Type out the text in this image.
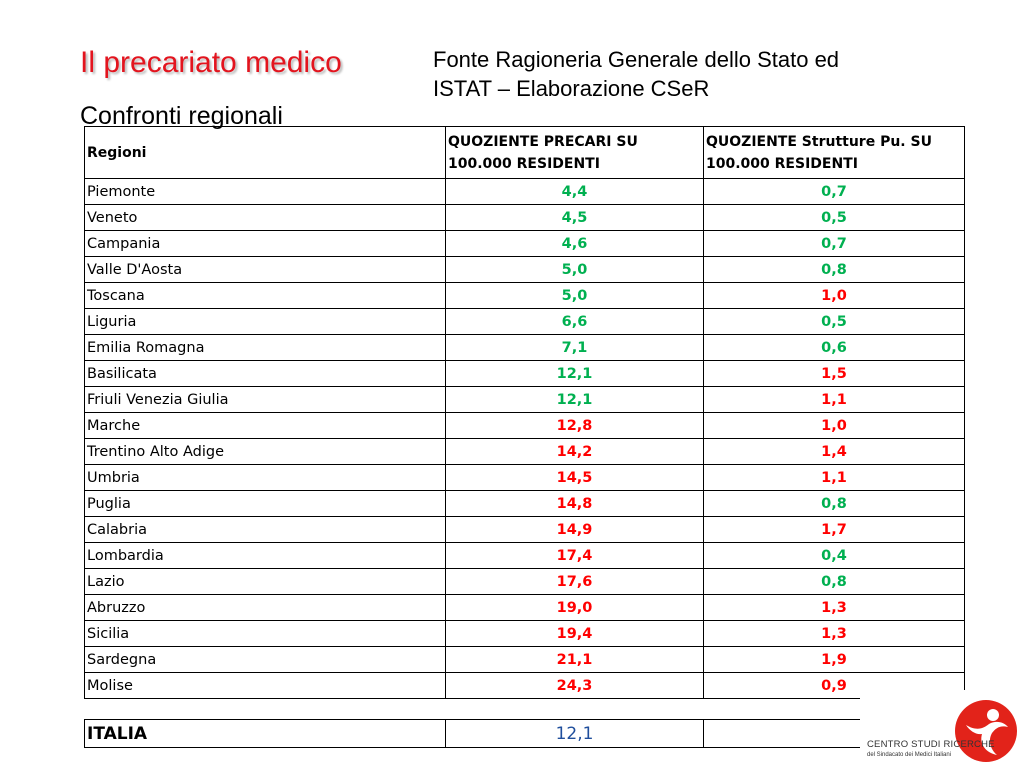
Il precariato medico
Confronti regionali
Fonte Ragioneria Generale dello Stato ed
ISTAT – Elaborazione CSeR
Regioni	QUOZIENTE PRECARI SU 100.000 RESIDENTI	QUOZIENTE Strutture Pu. SU 100.000 RESIDENTI
Piemonte	4,4	0,7
Veneto	4,5	0,5
Campania	4,6	0,7
Valle D'Aosta	5,0	0,8
Toscana	5,0	1,0
Liguria	6,6	0,5
Emilia Romagna	7,1	0,6
Basilicata	12,1	1,5
Friuli Venezia Giulia	12,1	1,1
Marche	12,8	1,0
Trentino Alto Adige	14,2	1,4
Umbria	14,5	1,1
Puglia	14,8	0,8
Calabria	14,9	1,7
Lombardia	17,4	0,4
Lazio	17,6	0,8
Abruzzo	19,0	1,3
Sicilia	19,4	1,3
Sardegna	21,1	1,9
Molise	24,3	0,9
ITALIA	12,1	
CENTRO STUDI RICERCHE
del Sindacato dei Medici Italiani
